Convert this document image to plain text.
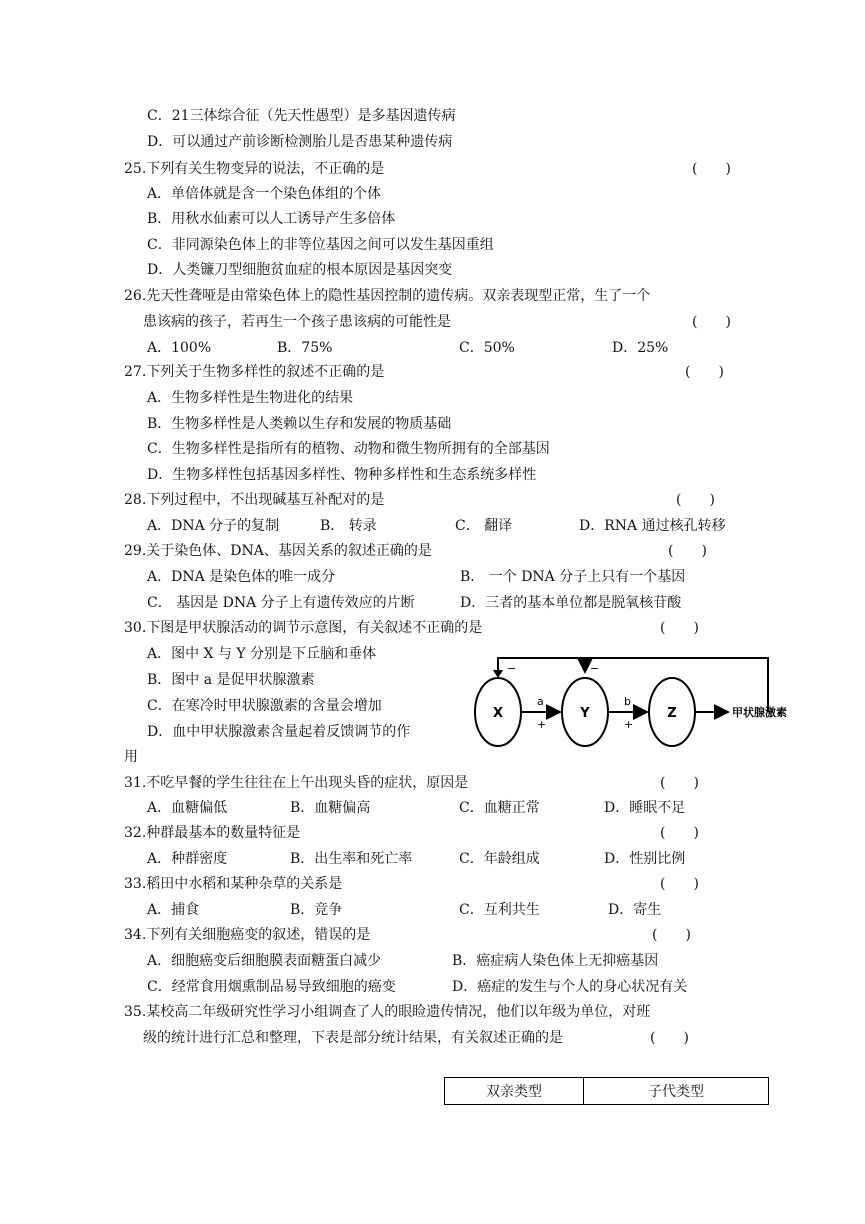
C．21三体综合征（先天性愚型）是多基因遗传病
D．可以通过产前诊断检测胎儿是否患某种遗传病
25.下列有关生物变异的说法，不正确的是	(　　)
A．单倍体就是含一个染色体组的个体
B．用秋水仙素可以人工诱导产生多倍体
C．非同源染色体上的非等位基因之间可以发生基因重组
D．人类镰刀型细胞贫血症的根本原因是基因突变
26.先天性聋哑是由常染色体上的隐性基因控制的遗传病。双亲表现型正常，生了一个
患该病的孩子，若再生一个孩子患该病的可能性是	(　　)
A．100%	B．75%	C．50%	D．25%
27.下列关于生物多样性的叙述不正确的是	(　　)
A．生物多样性是生物进化的结果
B．生物多样性是人类赖以生存和发展的物质基础
C．生物多样性是指所有的植物、动物和微生物所拥有的全部基因
D．生物多样性包括基因多样性、物种多样性和生态系统多样性
28.下列过程中，不出现碱基互补配对的是	(　　)
A．DNA 分子的复制	B． 转录	C． 翻译	D．RNA 通过核孔转移
29.关于染色体、DNA、基因关系的叙述正确的是	(　　)
A．DNA 是染色体的唯一成分	B． 一个 DNA 分子上只有一个基因
C． 基因是 DNA 分子上有遗传效应的片断	D．三者的基本单位都是脱氧核苷酸
30.下图是甲状腺活动的调节示意图，有关叙述不正确的是	(　　)
A．图中 X 与 Y 分别是下丘脑和垂体
B．图中 a 是促甲状腺激素
C．在寒冷时甲状腺激素的含量会增加
D．血中甲状腺激素含量起着反馈调节的作
用
−	−
X	Y	Z
a
+
b
+
甲状腺激素
31.不吃早餐的学生往往在上午出现头昏的症状，原因是	(　　)
A．血糖偏低	B．血糖偏高	C．血糖正常	D．睡眠不足
32.种群最基本的数量特征是	(　　)
A．种群密度	B．出生率和死亡率	C．年龄组成	D．性别比例
33.稻田中水稻和某种杂草的关系是	(　　)
A．捕食	B．竞争	C．互利共生	D．寄生
34.下列有关细胞癌变的叙述，错误的是	(　　)
A．细胞癌变后细胞膜表面糖蛋白减少	B．癌症病人染色体上无抑癌基因
C．经常食用烟熏制品易导致细胞的癌变	D．癌症的发生与个人的身心状况有关
35.某校高二年级研究性学习小组调查了人的眼睑遗传情况，他们以年级为单位，对班
级的统计进行汇总和整理，下表是部分统计结果，有关叙述正确的是	(　　)
双亲类型	子代类型
